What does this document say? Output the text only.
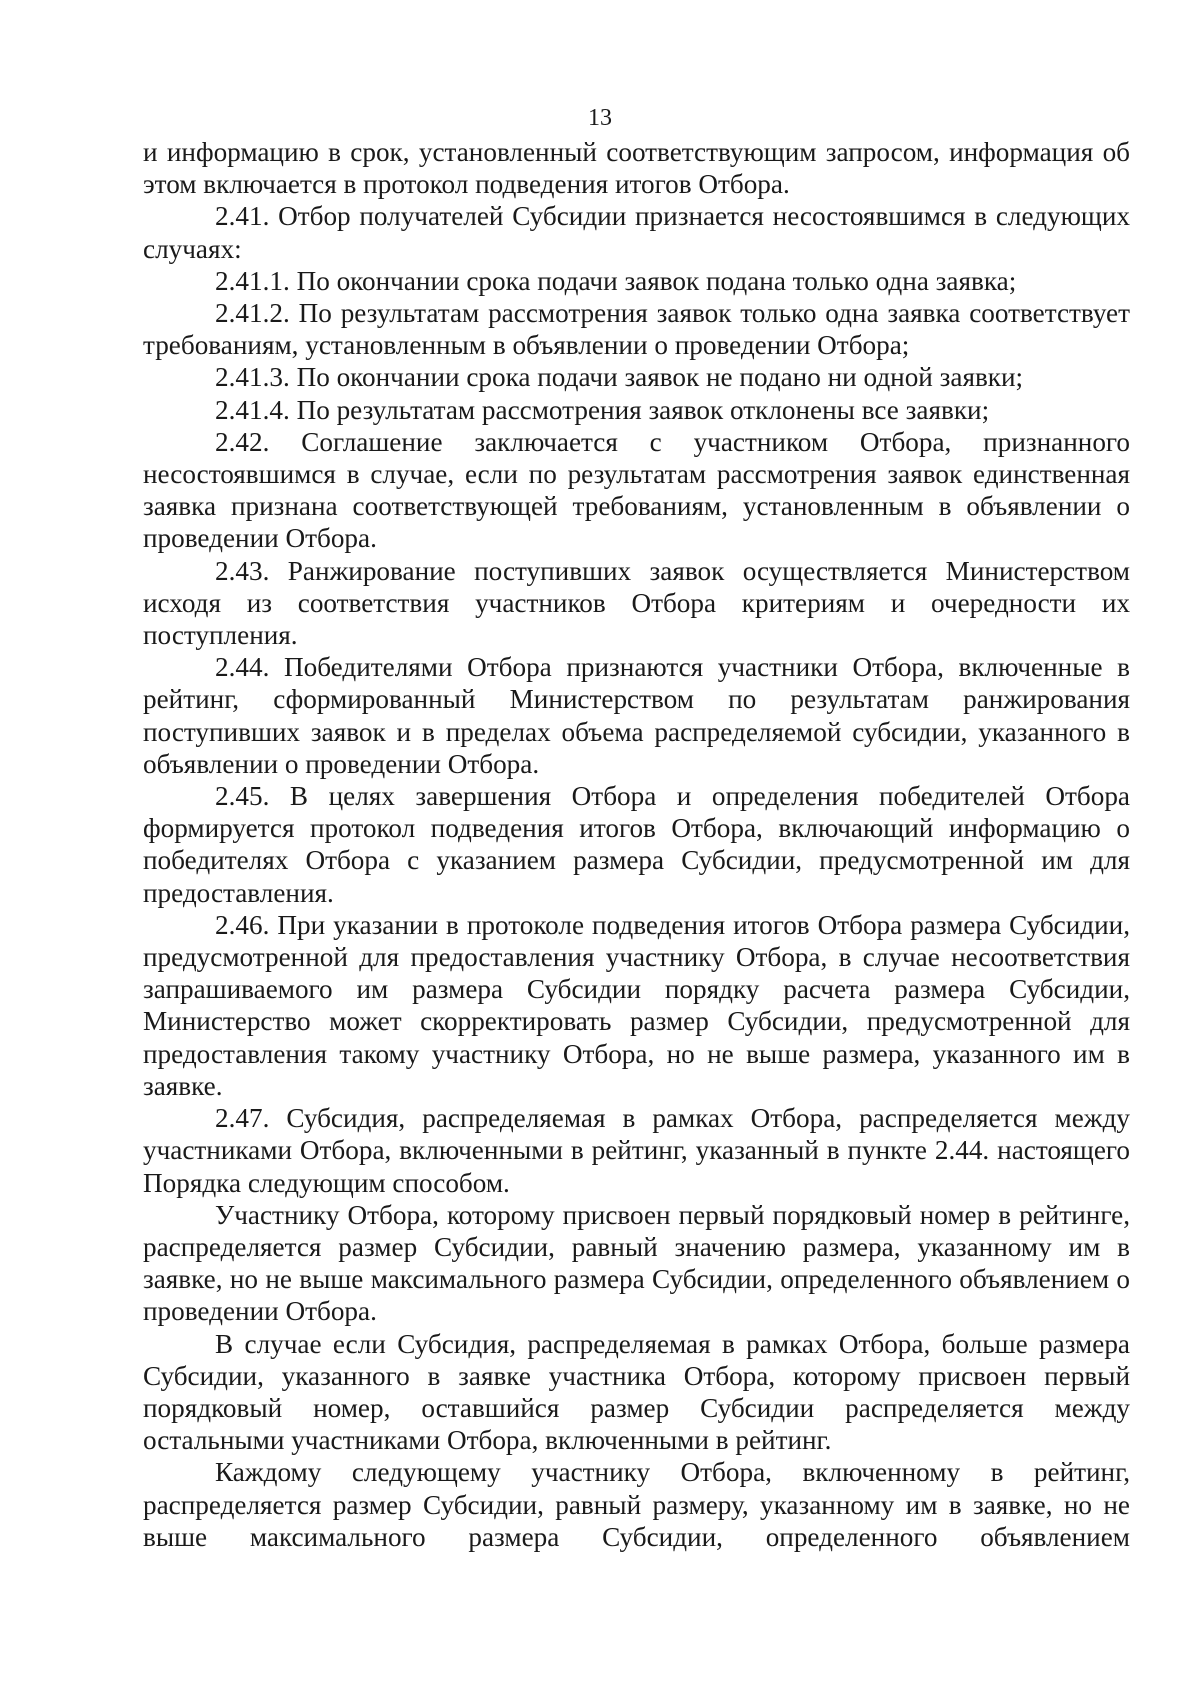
13

и информацию в срок, установленный соответствующим запросом, информация об этом включается в протокол подведения итогов Отбора.

2.41. Отбор получателей Субсидии признается несостоявшимся в следующих случаях:

2.41.1. По окончании срока подачи заявок подана только одна заявка;

2.41.2. По результатам рассмотрения заявок только одна заявка соответствует требованиям, установленным в объявлении о проведении Отбора;

2.41.3. По окончании срока подачи заявок не подано ни одной заявки;

2.41.4. По результатам рассмотрения заявок отклонены все заявки;

2.42. Соглашение заключается с участником Отбора, признанного несостоявшимся в случае, если по результатам рассмотрения заявок единственная заявка признана соответствующей требованиям, установленным в объявлении о проведении Отбора.

2.43. Ранжирование поступивших заявок осуществляется Министерством исходя из соответствия участников Отбора критериям и очередности их поступления.

2.44. Победителями Отбора признаются участники Отбора, включенные в рейтинг, сформированный Министерством по результатам ранжирования поступивших заявок и в пределах объема распределяемой субсидии, указанного в объявлении о проведении Отбора.

2.45. В целях завершения Отбора и определения победителей Отбора формируется протокол подведения итогов Отбора, включающий информацию о победителях Отбора с указанием размера Субсидии, предусмотренной им для предоставления.

2.46. При указании в протоколе подведения итогов Отбора размера Субсидии, предусмотренной для предоставления участнику Отбора, в случае несоответствия запрашиваемого им размера Субсидии порядку расчета размера Субсидии, Министерство может скорректировать размер Субсидии, предусмотренной для предоставления такому участнику Отбора, но не выше размера, указанного им в заявке.

2.47. Субсидия, распределяемая в рамках Отбора, распределяется между участниками Отбора, включенными в рейтинг, указанный в пункте 2.44. настоящего Порядка следующим способом.

Участнику Отбора, которому присвоен первый порядковый номер в рейтинге, распределяется размер Субсидии, равный значению размера, указанному им в заявке, но не выше максимального размера Субсидии, определенного объявлением о проведении Отбора.

В случае если Субсидия, распределяемая в рамках Отбора, больше размера Субсидии, указанного в заявке участника Отбора, которому присвоен первый порядковый номер, оставшийся размер Субсидии распределяется между остальными участниками Отбора, включенными в рейтинг.

Каждому следующему участнику Отбора, включенному в рейтинг, распределяется размер Субсидии, равный размеру, указанному им в заявке, но не выше максимального размера Субсидии, определенного объявлением
